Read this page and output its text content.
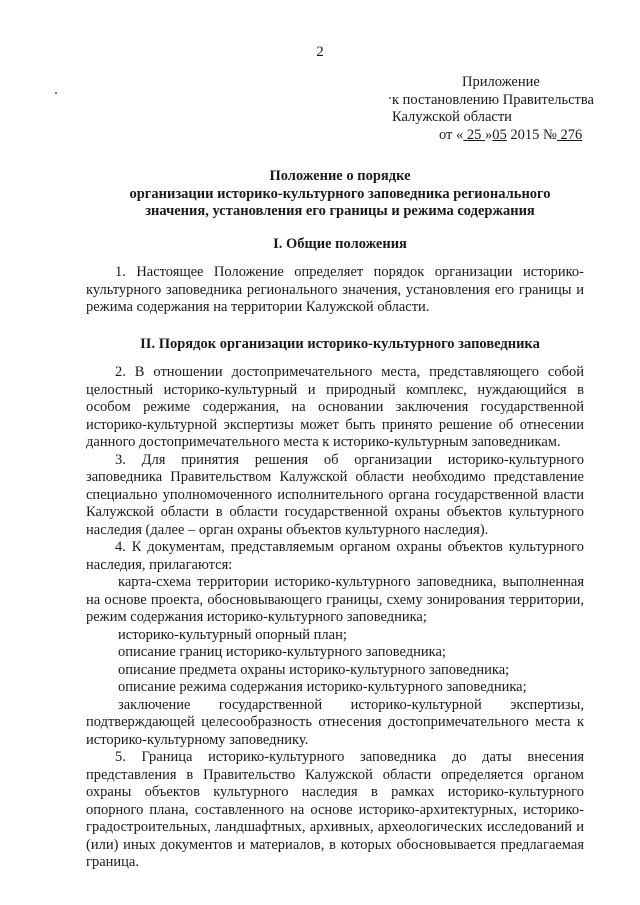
2
Приложение
к постановлению Правительства
Калужской области
от « 25 »05 2015 № 276
Положение о порядке
организации историко-культурного заповедника регионального
значения, установления его границы и режима содержания
I. Общие положения

1. Настоящее Положение определяет порядок организации историко-культурного заповедника регионального значения, установления его границы и режима содержания на территории Калужской области.

II. Порядок организации историко-культурного заповедника

2. В отношении достопримечательного места, представляющего собой целостный историко-культурный и природный комплекс, нуждающийся в особом режиме содержания, на основании заключения государственной историко-культурной экспертизы может быть принято решение об отнесении данного достопримечательного места к историко-культурным заповедникам.

3. Для принятия решения об организации историко-культурного заповедника Правительством Калужской области необходимо представление специально уполномоченного исполнительного органа государственной власти Калужской области в области государственной охраны объектов культурного наследия (далее – орган охраны объектов культурного наследия).

4. К документам, представляемым органом охраны объектов культурного наследия, прилагаются:

карта-схема территории историко-культурного заповедника, выполненная на основе проекта, обосновывающего границы, схему зонирования территории, режим содержания историко-культурного заповедника;

историко-культурный опорный план;

описание границ историко-культурного заповедника;

описание предмета охраны историко-культурного заповедника;

описание режима содержания историко-культурного заповедника;

заключение государственной историко-культурной экспертизы, подтверждающей целесообразность отнесения достопримечательного места к историко-культурному заповеднику.

5. Граница историко-культурного заповедника до даты внесения представления в Правительство Калужской области определяется органом охраны объектов культурного наследия в рамках историко-культурного опорного плана, составленного на основе историко-архитектурных, историко-градостроительных, ландшафтных, архивных, археологических исследований и (или) иных документов и материалов, в которых обосновывается предлагаемая граница.
